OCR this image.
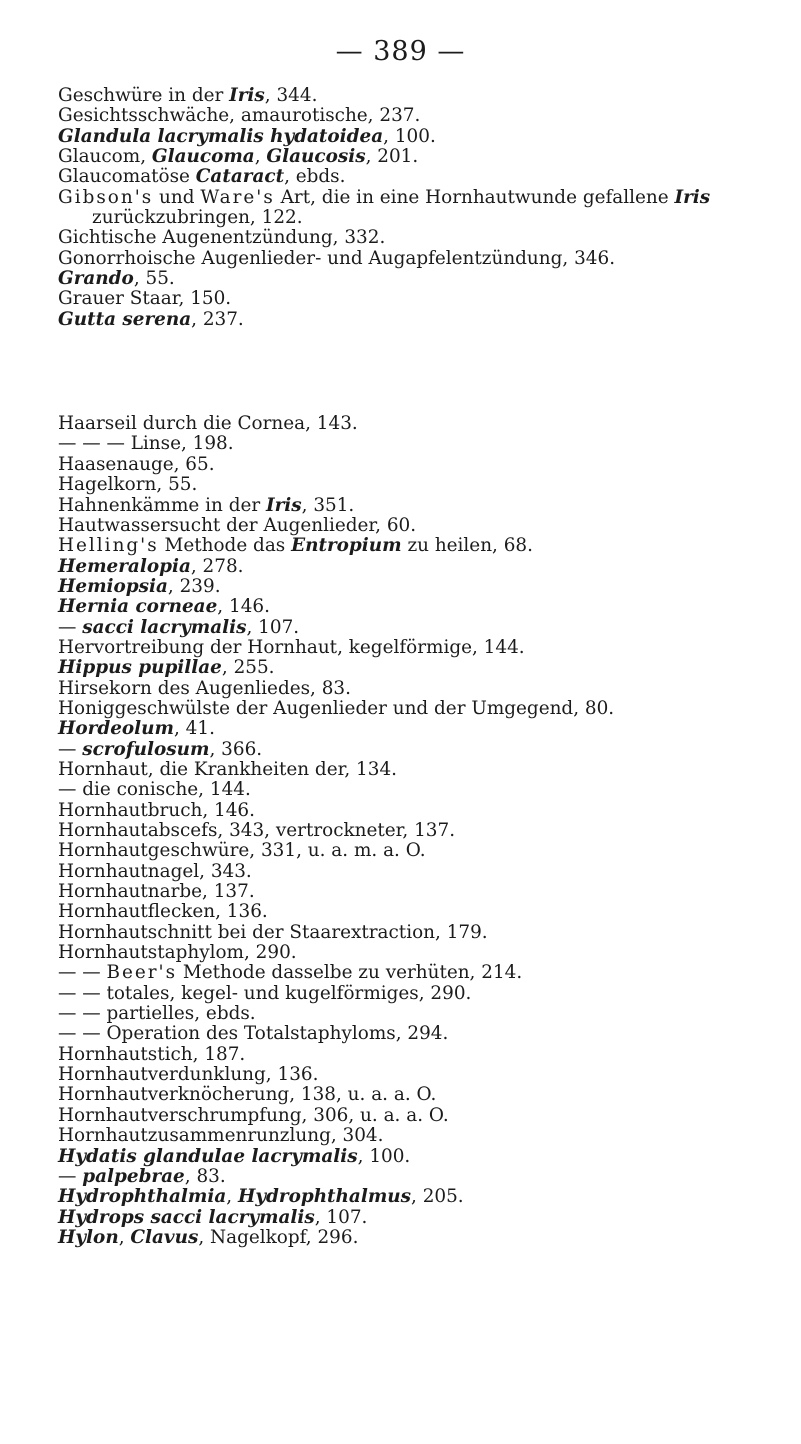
— 389 —
Geschwüre in der Iris, 344.
Gesichtsschwäche, amaurotische, 237.
Glandula lacrymalis hydatoidea, 100.
Glaucom, Glaucoma, Glaucosis, 201.
Glaucomatöse Cataract, ebds.
Gibson's und Ware's Art, die in eine Hornhautwunde gefallene Iris zurückzubringen, 122.
Gichtische Augenentzündung, 332.
Gonorrhoische Augenlieder- und Augapfelentzündung, 346.
Grando, 55.
Grauer Staar, 150.
Gutta serena, 237.
Haarseil durch die Cornea, 143.
— — — Linse, 198.
Haasenauge, 65.
Hagelkorn, 55.
Hahnenkämme in der Iris, 351.
Hautwassersucht der Augenlieder, 60.
Helling's Methode das Entropium zu heilen, 68.
Hemeralopia, 278.
Hemiopsia, 239.
Hernia corneae, 146.
— sacci lacrymalis, 107.
Hervortreibung der Hornhaut, kegelförmige, 144.
Hippus pupillae, 255.
Hirsekorn des Augenliedes, 83.
Honiggeschwülste der Augenlieder und der Umgegend, 80.
Hordeolum, 41.
— scrofulosum, 366.
Hornhaut, die Krankheiten der, 134.
— die conische, 144.
Hornhautbruch, 146.
Hornhautabscefs, 343, vertrockneter, 137.
Hornhautgeschwüre, 331, u. a. m. a. O.
Hornhautnagel, 343.
Hornhautnarbe, 137.
Hornhautflecken, 136.
Hornhautschnitt bei der Staarextraction, 179.
Hornhautstaphylom, 290.
— — Beer's Methode dasselbe zu verhüten, 214.
— — totales, kegel- und kugelförmiges, 290.
— — partielles, ebds.
— — Operation des Totalstaphyloms, 294.
Hornhautstich, 187.
Hornhautverdunklung, 136.
Hornhautverknöcherung, 138, u. a. a. O.
Hornhautverschrumpfung, 306, u. a. a. O.
Hornhautzusammenrunzlung, 304.
Hydatis glandulae lacrymalis, 100.
— palpebrae, 83.
Hydrophthalmia, Hydrophthalmus, 205.
Hydrops sacci lacrymalis, 107.
Hylon, Clavus, Nagelkopf, 296.
